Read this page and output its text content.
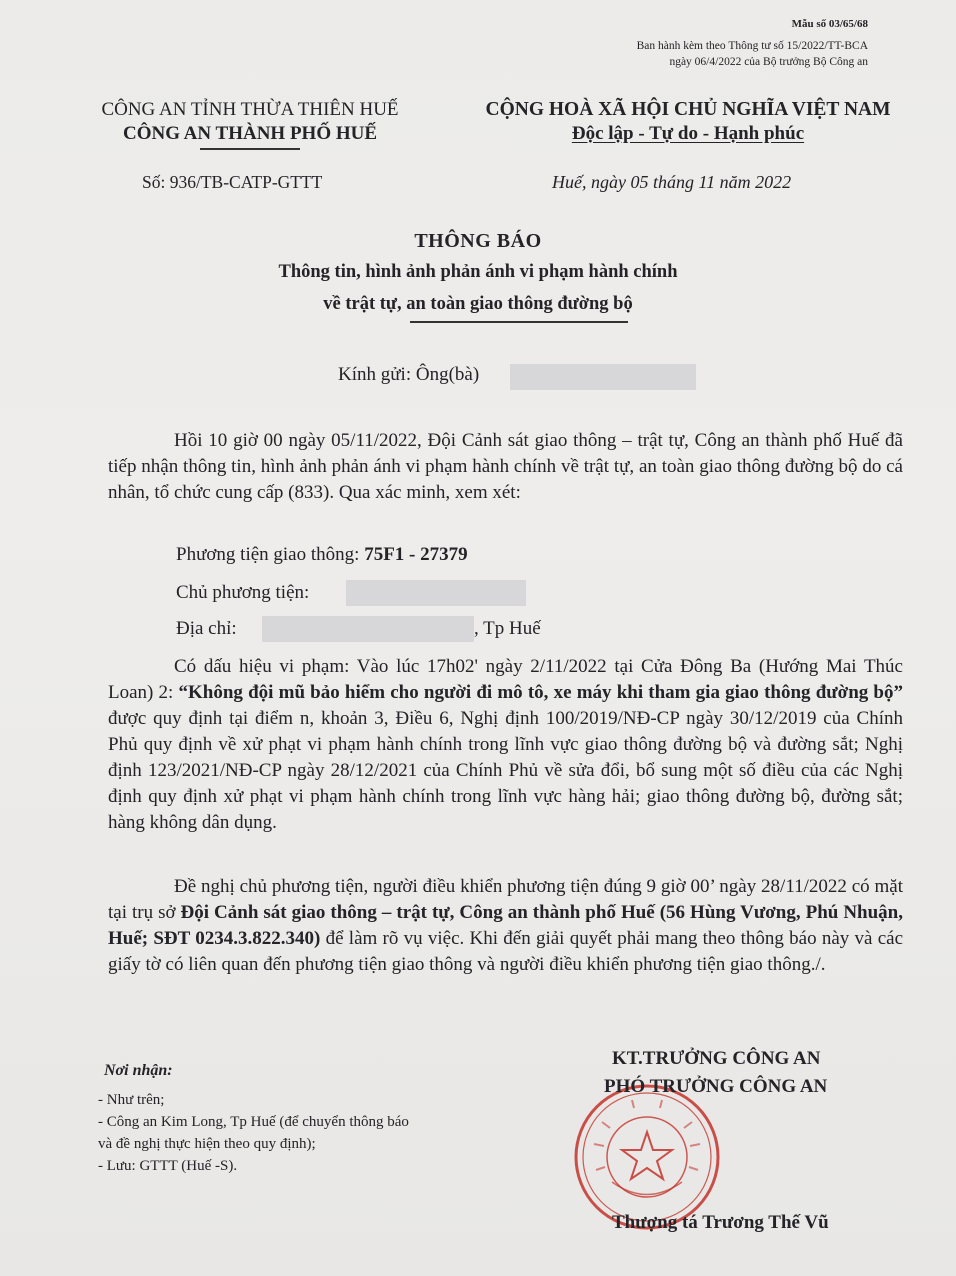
Mẫu số 03/65/68
Ban hành kèm theo Thông tư số 15/2022/TT-BCA
ngày 06/4/2022 của Bộ trưởng Bộ Công an
CÔNG AN TỈNH THỪA THIÊN HUẾ
CÔNG AN THÀNH PHỐ HUẾ
CỘNG HOÀ XÃ HỘI CHỦ NGHĨA VIỆT NAM
Độc lập - Tự do - Hạnh phúc
Số: 936/TB-CATP-GTTT	Huế, ngày 05 tháng 11 năm 2022
THÔNG BÁO
Thông tin, hình ảnh phản ánh vi phạm hành chính
về trật tự, an toàn giao thông đường bộ
Kính gửi: Ông(bà)
Hồi 10 giờ 00 ngày 05/11/2022, Đội Cảnh sát giao thông – trật tự, Công an thành phố Huế đã tiếp nhận thông tin, hình ảnh phản ánh vi phạm hành chính về trật tự, an toàn giao thông đường bộ do cá nhân, tổ chức cung cấp (833). Qua xác minh, xem xét:
Phương tiện giao thông: 75F1 - 27379
Chủ phương tiện:
Địa chỉ:	, Tp Huế
Có dấu hiệu vi phạm: Vào lúc 17h02' ngày 2/11/2022 tại Cửa Đông Ba (Hướng Mai Thúc Loan) 2: “Không đội mũ bảo hiểm cho người đi mô tô, xe máy khi tham gia giao thông đường bộ” được quy định tại điểm n, khoản 3, Điều 6, Nghị định 100/2019/NĐ-CP ngày 30/12/2019 của Chính Phủ quy định về xử phạt vi phạm hành chính trong lĩnh vực giao thông đường bộ và đường sắt; Nghị định 123/2021/NĐ-CP ngày 28/12/2021 của Chính Phủ về sửa đổi, bổ sung một số điều của các Nghị định quy định xử phạt vi phạm hành chính trong lĩnh vực hàng hải; giao thông đường bộ, đường sắt; hàng không dân dụng.
Đề nghị chủ phương tiện, người điều khiển phương tiện đúng 9 giờ 00’ ngày 28/11/2022 có mặt tại trụ sở Đội Cảnh sát giao thông – trật tự, Công an thành phố Huế (56 Hùng Vương, Phú Nhuận, Huế; SĐT 0234.3.822.340) để làm rõ vụ việc. Khi đến giải quyết phải mang theo thông báo này và các giấy tờ có liên quan đến phương tiện giao thông và người điều khiển phương tiện giao thông./.
Nơi nhận:
- Như trên;
- Công an Kim Long, Tp Huế (để chuyển thông báo
và đề nghị thực hiện theo quy định);
- Lưu: GTTT (Huế -S).
KT.TRƯỞNG CÔNG AN
PHÓ TRƯỞNG CÔNG AN
Thượng tá Trương Thế Vũ
